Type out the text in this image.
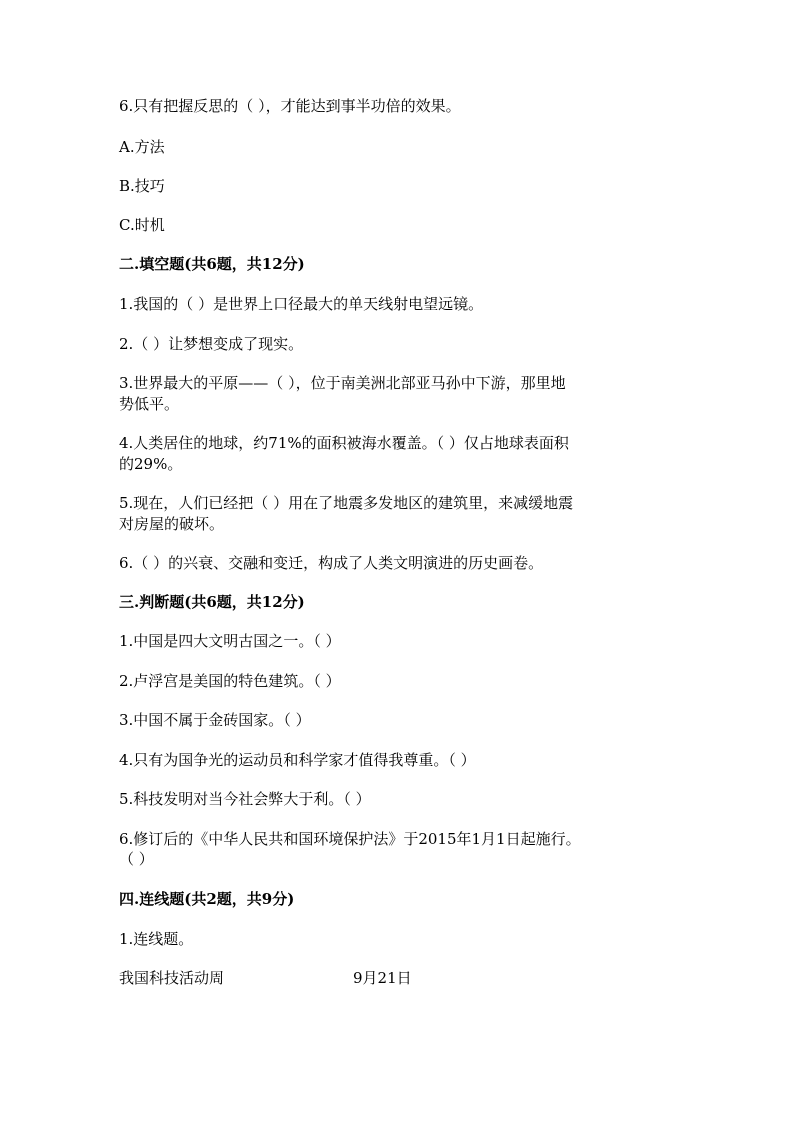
6.只有把握反思的（ ），才能达到事半功倍的效果。
A.方法
B.技巧
C.时机
二.填空题(共6题，共12分)
1.我国的（ ）是世界上口径最大的单天线射电望远镜。
2.（ ）让梦想变成了现实。
3.世界最大的平原——（ ），位于南美洲北部亚马孙中下游，那里地
势低平。
4.人类居住的地球，约71%的面积被海水覆盖。（ ）仅占地球表面积
的29%。
5.现在，人们已经把（ ）用在了地震多发地区的建筑里，来减缓地震
对房屋的破坏。
6.（ ）的兴衰、交融和变迁，构成了人类文明演进的历史画卷。
三.判断题(共6题，共12分)
1.中国是四大文明古国之一。（ ）
2.卢浮宫是美国的特色建筑。（ ）
3.中国不属于金砖国家。（ ）
4.只有为国争光的运动员和科学家才值得我尊重。（ ）
5.科技发明对当今社会弊大于利。（ ）
6.修订后的《中华人民共和国环境保护法》于2015年1月1日起施行。
（ ）
四.连线题(共2题，共9分)
1.连线题。
我国科技活动周	9月21日
